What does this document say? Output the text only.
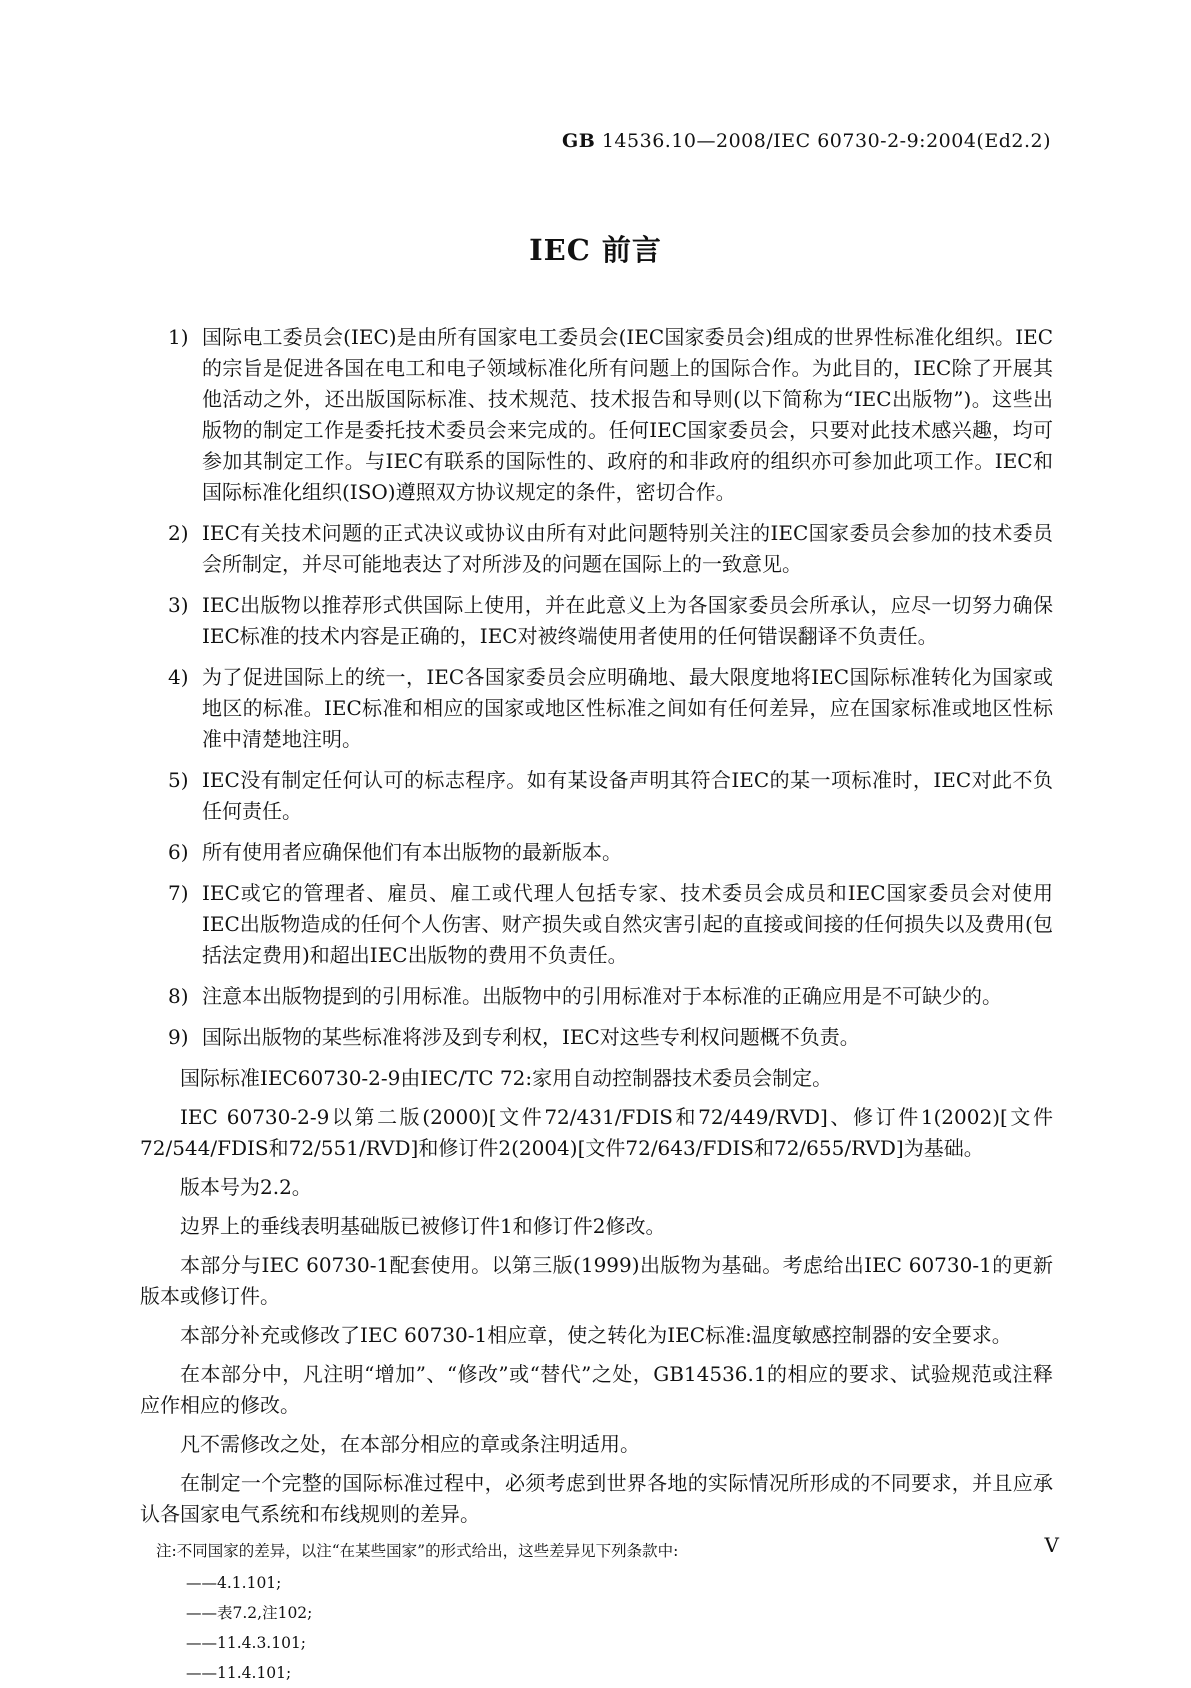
GB 14536.10—2008/IEC 60730-2-9:2004(Ed2.2)
IEC 前言
1) 国际电工委员会(IEC)是由所有国家电工委员会(IEC国家委员会)组成的世界性标准化组织。IEC的宗旨是促进各国在电工和电子领域标准化所有问题上的国际合作。为此目的，IEC除了开展其他活动之外，还出版国际标准、技术规范、技术报告和导则(以下简称为“IEC出版物”)。这些出版物的制定工作是委托技术委员会来完成的。任何IEC国家委员会，只要对此技术感兴趣，均可参加其制定工作。与IEC有联系的国际性的、政府的和非政府的组织亦可参加此项工作。IEC和国际标准化组织(ISO)遵照双方协议规定的条件，密切合作。
2) IEC有关技术问题的正式决议或协议由所有对此问题特别关注的IEC国家委员会参加的技术委员会所制定，并尽可能地表达了对所涉及的问题在国际上的一致意见。
3) IEC出版物以推荐形式供国际上使用，并在此意义上为各国家委员会所承认，应尽一切努力确保IEC标准的技术内容是正确的，IEC对被终端使用者使用的任何错误翻译不负责任。
4) 为了促进国际上的统一，IEC各国家委员会应明确地、最大限度地将IEC国际标准转化为国家或地区的标准。IEC标准和相应的国家或地区性标准之间如有任何差异，应在国家标准或地区性标准中清楚地注明。
5) IEC没有制定任何认可的标志程序。如有某设备声明其符合IEC的某一项标准时，IEC对此不负任何责任。
6) 所有使用者应确保他们有本出版物的最新版本。
7) IEC或它的管理者、雇员、雇工或代理人包括专家、技术委员会成员和IEC国家委员会对使用IEC出版物造成的任何个人伤害、财产损失或自然灾害引起的直接或间接的任何损失以及费用(包括法定费用)和超出IEC出版物的费用不负责任。
8) 注意本出版物提到的引用标准。出版物中的引用标准对于本标准的正确应用是不可缺少的。
9) 国际出版物的某些标准将涉及到专利权，IEC对这些专利权问题概不负责。

国际标准IEC60730-2-9由IEC/TC 72:家用自动控制器技术委员会制定。

IEC 60730-2-9以第二版(2000)[文件72/431/FDIS和72/449/RVD]、修订件1(2002)[文件72/544/FDIS和72/551/RVD]和修订件2(2004)[文件72/643/FDIS和72/655/RVD]为基础。

版本号为2.2。

边界上的垂线表明基础版已被修订件1和修订件2修改。

本部分与IEC 60730-1配套使用。以第三版(1999)出版物为基础。考虑给出IEC 60730-1的更新版本或修订件。

本部分补充或修改了IEC 60730-1相应章，使之转化为IEC标准:温度敏感控制器的安全要求。

在本部分中，凡注明“增加”、“修改”或“替代”之处，GB14536.1的相应的要求、试验规范或注释应作相应的修改。

凡不需修改之处，在本部分相应的章或条注明适用。

在制定一个完整的国际标准过程中，必须考虑到世界各地的实际情况所形成的不同要求，并且应承认各国家电气系统和布线规则的差异。

注:不同国家的差异，以注“在某些国家”的形式给出，这些差异见下列条款中:
——4.1.101;
——表7.2,注102;
——11.4.3.101;
——11.4.101;
V
